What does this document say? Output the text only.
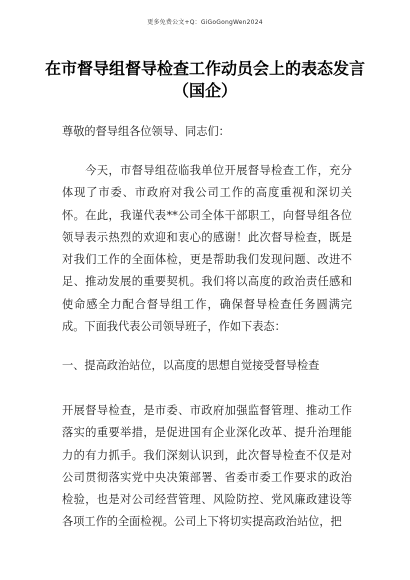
更多免费公文+Q：GiGoGongWen2024
在市督导组督导检查工作动员会上的表态发言（国企）
尊敬的督导组各位领导、同志们：
　　今天，市督导组莅临我单位开展督导检查工作，充分体现了市委、市政府对我公司工作的高度重视和深切关怀。在此，我谨代表**公司全体干部职工，向督导组各位领导表示热烈的欢迎和衷心的感谢！此次督导检查，既是对我们工作的全面体检，更是帮助我们发现问题、改进不足、推动发展的重要契机。我们将以高度的政治责任感和使命感全力配合督导组工作，确保督导检查任务圆满完成。下面我代表公司领导班子，作如下表态：
一、提高政治站位，以高度的思想自觉接受督导检查
开展督导检查，是市委、市政府加强监督管理、推动工作落实的重要举措，是促进国有企业深化改革、提升治理能力的有力抓手。我们深刻认识到，此次督导检查不仅是对公司贯彻落实党中央决策部署、省委市委工作要求的政治检验，也是对公司经营管理、风险防控、党风廉政建设等各项工作的全面检视。公司上下将切实提高政治站位，把
